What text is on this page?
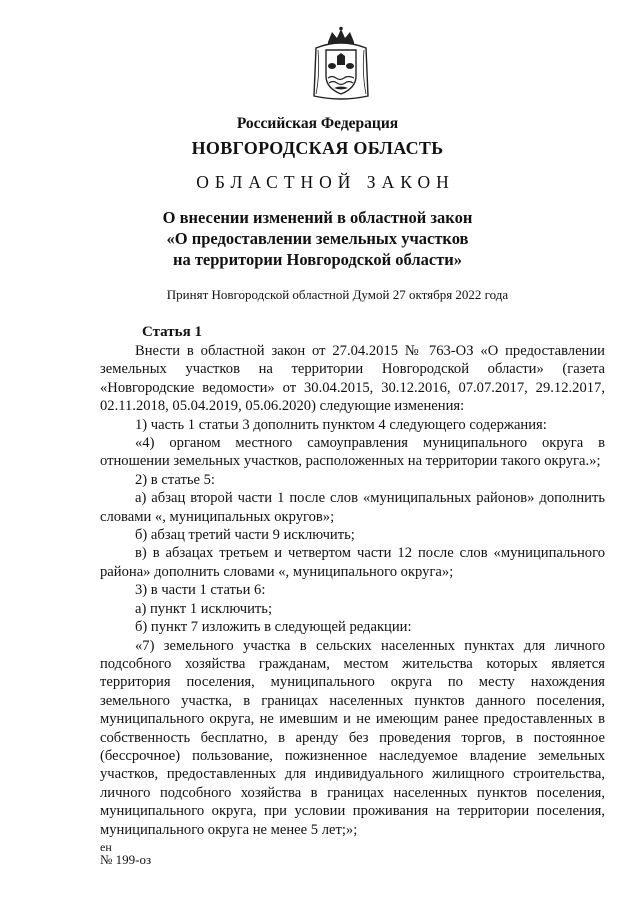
Российская Федерация
НОВГОРОДСКАЯ ОБЛАСТЬ
ОБЛАСТНОЙ ЗАКОН
О внесении изменений в областной закон
«О предоставлении земельных участков
на территории Новгородской области»
Принят Новгородской областной Думой 27 октября 2022 года
Статья 1

Внести в областной закон от 27.04.2015 № 763-ОЗ «О предоставлении земельных участков на территории Новгородской области» (газета «Новгородские ведомости» от 30.04.2015, 30.12.2016, 07.07.2017, 29.12.2017, 02.11.2018, 05.04.2019, 05.06.2020) следующие изменения:

1) часть 1 статьи 3 дополнить пунктом 4 следующего содержания:

«4) органом местного самоуправления муниципального округа в отношении земельных участков, расположенных на территории такого округа.»;

2) в статье 5:

а) абзац второй части 1 после слов «муниципальных районов» дополнить словами «, муниципальных округов»;

б) абзац третий части 9 исключить;

в) в абзацах третьем и четвертом части 12 после слов «муниципального района» дополнить словами «, муниципального округа»;

3) в части 1 статьи 6:

а) пункт 1 исключить;

б) пункт 7 изложить в следующей редакции:

«7) земельного участка в сельских населенных пунктах для личного подсобного хозяйства гражданам, местом жительства которых является территория поселения, муниципального округа по месту нахождения земельного участка, в границах населенных пунктов данного поселения, муниципального округа, не имевшим и не имеющим ранее предоставленных в собственность бесплатно, в аренду без проведения торгов, в постоянное (бессрочное) пользование, пожизненное наследуемое владение земельных участков, предоставленных для индивидуального жилищного строительства, личного подсобного хозяйства в границах населенных пунктов поселения, муниципального округа, при условии проживания на территории поселения, муниципального округа не менее 5 лет;»;

ен
№ 199-оз
